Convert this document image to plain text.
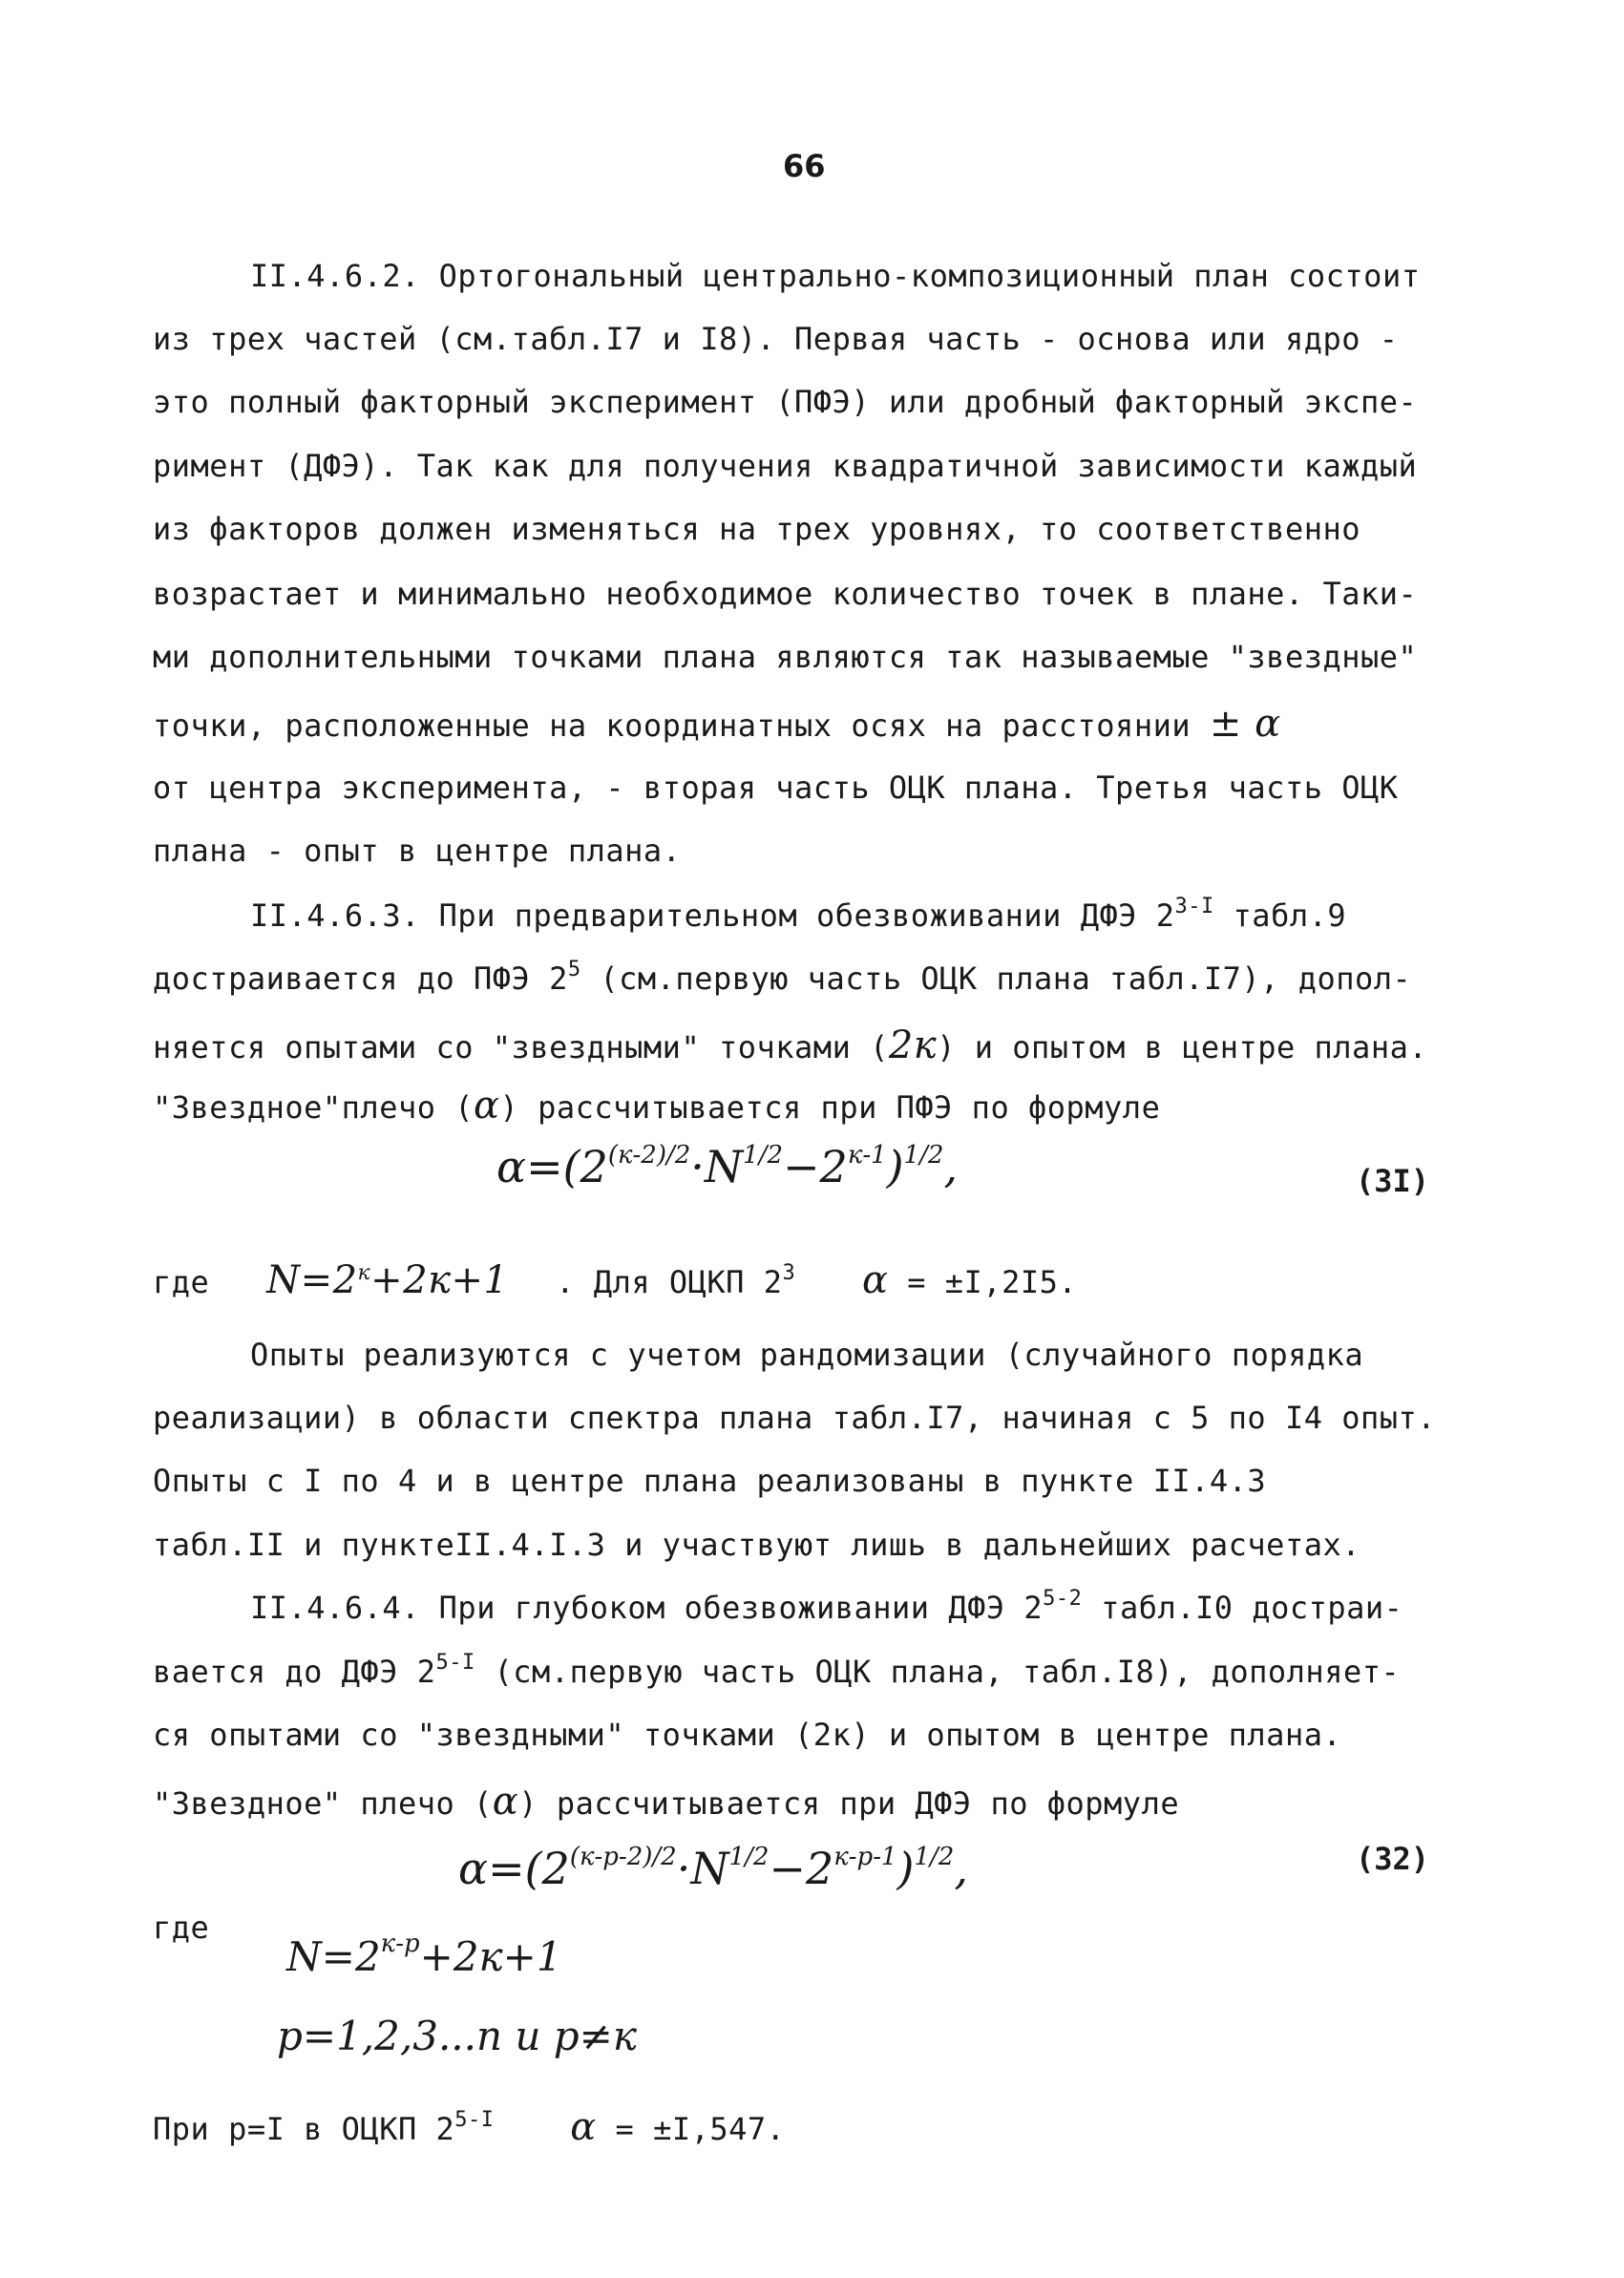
66
II.4.6.2. Ортогональный центрально-композиционный план состоит
из трех частей (см.табл.I7 и I8). Первая часть - основа или ядро -
это полный факторный эксперимент (ПФЭ) или дробный факторный экспе-
римент (ДФЭ). Так как для получения квадратичной зависимости каждый
из факторов должен изменяться на трех уровнях, то соответственно
возрастает и минимально необходимое количество точек в плане. Таки-
ми дополнительными точками плана являются так называемые "звездные"
точки, расположенные на координатных осях на расстоянии ± α
от центра эксперимента, - вторая часть ОЦК плана. Третья часть ОЦК
плана - опыт в центре плана.
II.4.6.3. При предварительном обезвоживании ДФЭ $2^{3-I}$ табл.9
достраивается до ПФЭ $2^5$ (см.первую часть ОЦК плана табл.I7), допол-
няется опытами со "звездными" точками (2к) и опытом в центре плана.
"Звездное"плечо (α) рассчитывается при ПФЭ по формуле
$\alpha=(2^{(к-2)/2}\cdot N^{1/2}-2^{к-1})^{1/2}$,	(3I)
где $N=2^к+2к+1$ . Для ОЦКП $2^3$ α = ±I,2I5.
Опыты реализуются с учетом рандомизации (случайного порядка
реализации) в области спектра плана табл.I7, начиная с 5 по I4 опыт.
Опыты с I по 4 и в центре плана реализованы в пункте II.4.3
табл.II и пунктеII.4.I.3 и участвуют лишь в дальнейших расчетах.
II.4.6.4. При глубоком обезвоживании ДФЭ 2$^{5-2}$ табл.I0 достраи-
вается до ДФЭ $2^{5-I}$ (см.первую часть ОЦК плана, табл.I8), дополняет-
ся опытами со "звездными" точками (2к) и опытом в центре плана.
"Звездное" плечо (α) рассчитывается при ДФЭ по формуле
$\alpha=(2^{(к-р-2)/2}\cdot N^{1/2}-2^{к-р-1})^{1/2}$,	(32)
где
$N=2^{к-р}+2к+1$
р=1,2,3...п и р≠к
При р=I в ОЦКП $2^{5-I}$ α = ±I,547.
